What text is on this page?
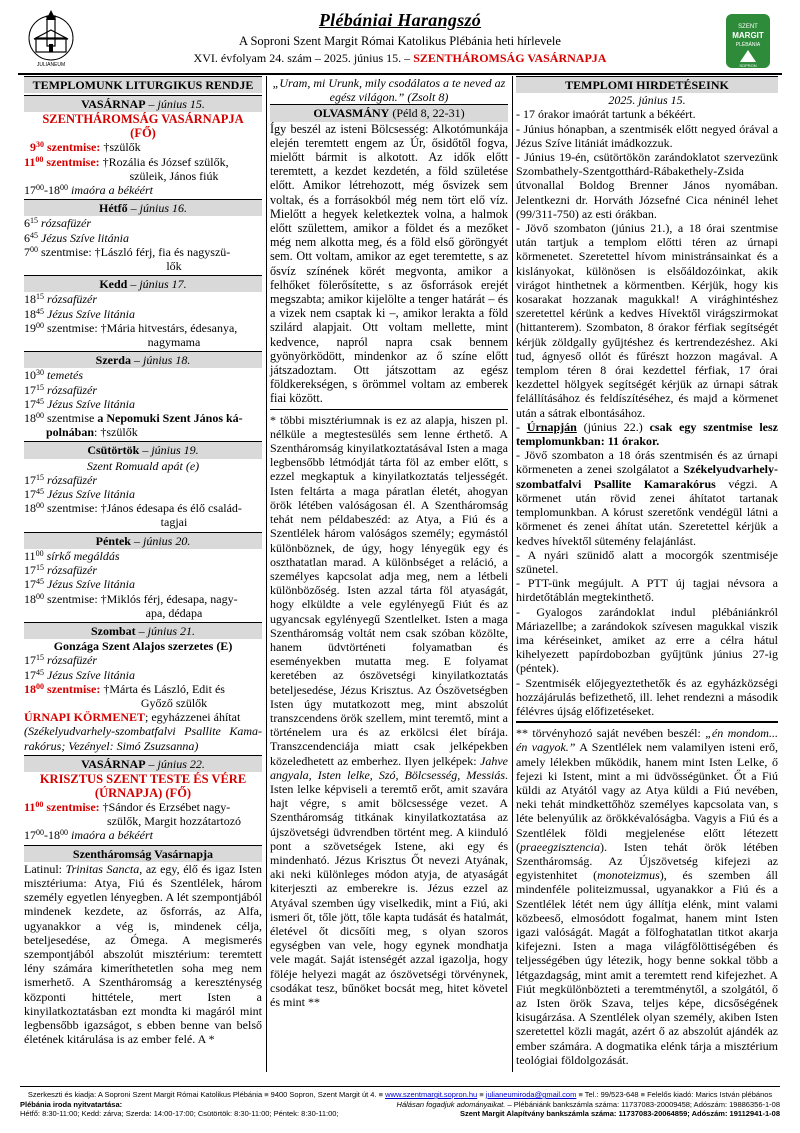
JULIANEUM
Plébániai Harangszó
A Soproni Szent Margit Római Katolikus Plébánia heti hírlevele
XVI. évfolyam 24. szám – 2025. június 15. – SZENTHÁROMSÁG VASÁRNAPJA
SZENT
MARGIT
PLÉBÁNIA
SOPRON
TEMPLOMUNK LITURGIKUS RENDJE
VASÁRNAP – június 15.
SZENTHÁROMSÁG VASÁRNAPJA
(FŐ)
$9^{30}$ szentmise: †szülők
$11^{00}$ szentmise: †Rozália és József szülők,
szüleik, János fiúk
$17^{00}-18^{00}$ imaóra a békéért
Hétfő – június 16.
$6^{15}$ rózsafüzér
$6^{45}$ Jézus Szíve litánia
$7^{00}$ szentmise: †László férj, fia és nagyszü-
lők
Kedd – június 17.
$18^{15}$ rózsafüzér
$18^{45}$ Jézus Szíve litánia
$19^{00}$ szentmise: †Mária hitvestárs, édesanya,
nagymama
Szerda – június 18.
$10^{30}$ temetés
$17^{15}$ rózsafüzér
$17^{45}$ Jézus Szíve litánia
$18^{00}$ szentmise a Nepomuki Szent János ká-
polnában: †szülők
Csütörtök – június 19.
Szent Romuald apát (e)
$17^{15}$ rózsafüzér
$17^{45}$ Jézus Szíve litánia
$18^{00}$ szentmise: †János édesapa és élő család-
tagjai
Péntek – június 20.
$11^{00}$ sírkő megáldás
$17^{15}$ rózsafüzér
$17^{45}$ Jézus Szíve litánia
$18^{00}$ szentmise: †Miklós férj, édesapa, nagy-
apa, dédapa
Szombat – június 21.
Gonzága Szent Alajos szerzetes (E)
$17^{15}$ rózsafüzér
$17^{45}$ Jézus Szíve litánia
$18^{00}$ szentmise: †Márta és László, Edit és
Győző szülők
ÚRNAPI KÖRMENET; egyházzenei áhítat
(Székelyudvarhely-szombatfalvi Psallite Kama-rakórus; Vezényel: Simó Zsuzsanna)
VASÁRNAP – június 22.
KRISZTUS SZENT TESTE ÉS VÉRE
(ÚRNAPJA) (FŐ)
$11^{00}$ szentmise: †Sándor és Erzsébet nagy-
szülők, Margit hozzátartozó
$17^{00}-18^{00}$ imaóra a békéért
Szentháromság Vasárnapja
Latinul: Trinitas Sancta, az egy, élő és igaz Isten misztériuma: Atya, Fiú és Szentlélek, három személy egyetlen lényegben. A lét szempontjából mindenek kezdete, az ősforrás, az Alfa, ugyanakkor a vég is, mindenek célja, beteljesedése, az Ómega. A megismerés szempontjából abszolút misztérium: teremtett lény számára kimeríthetetlen soha meg nem ismerhető. A Szentháromság a kereszténység központi hittétele, mert Isten a kinyilatkoztatásban ezt mondta ki magáról mint legbensőbb igazságot, s ebben benne van belső életének kitárulása is az ember felé. A *
„Uram, mi Urunk, mily csodálatos a te neved az egész világon.” (Zsolt 8)
OLVASMÁNY (Péld 8, 22-31)
Így beszél az isteni Bölcsesség: Alkotómunkája elején teremtett engem az Úr, ősidőtől fogva, mielőtt bármit is alkotott. Az idők előtt teremtett, a kezdet kezdetén, a föld születése előtt. Amikor létrehozott, még ősvizek sem voltak, és a forrásokból még nem tört elő víz. Mielőtt a hegyek keletkeztek volna, a halmok előtt születtem, amikor a földet és a mezőket még nem alkotta meg, és a föld első göröngyét sem. Ott voltam, amikor az eget teremtette, s az ősvíz színének körét megvonta, amikor a felhőket fölerősítette, s az ősforrások erejét megszabta; amikor kijelölte a tenger határát – és a vizek nem csaptak ki –, amikor lerakta a föld szilárd alapjait. Ott voltam mellette, mint kedvence, napról napra csak bennem gyönyörködött, mindenkor az ő színe előtt játszadoztam. Ott játszottam az egész földkerekségen, s örömmel voltam az emberek fiai között.
* többi misztériumnak is ez az alapja, hiszen pl. nélküle a megtestesülés sem lenne érthető. A Szentháromság kinyilatkoztatásával Isten a maga legbensőbb létmódját tárta föl az ember előtt, s ezzel megkaptuk a kinyilatkoztatás teljességét. Isten feltárta a maga páratlan életét, ahogyan örök létében valóságosan él. A Szentháromság tehát nem példabeszéd: az Atya, a Fiú és a Szentlélek három valóságos személy; egymástól különböznek, de úgy, hogy lényegük egy és oszthatatlan marad. A különbséget a reláció, a személyes kapcsolat adja meg, nem a létbeli különbözőség. Isten azzal tárta föl atyaságát, hogy elküldte a vele egylényegű Fiút és az ugyancsak egylényegű Szentlelket. Isten a maga Szentháromság voltát nem csak szóban közölte, hanem üdvtörténeti folyamatban és eseményekben mutatta meg. E folyamat keretében az ószövetségi kinyilatkoztatás beteljesedése, Jézus Krisztus. Az Ószövetségben Isten úgy mutatkozott meg, mint abszolút transzcendens örök szellem, mint teremtő, mint a történelem ura és az erkölcsi élet bírája. Transzcendenciája miatt csak jelképekben közeledhetett az emberhez. Ilyen jelképek: Jahve angyala, Isten lelke, Szó, Bölcsesség, Messiás. Isten lelke képviseli a teremtő erőt, amit szavára hajt végre, s amit bölcsessége vezet. A Szentháromság titkának kinyilatkoztatása az újszövetségi üdvrendben történt meg. A kiinduló pont a szövetségek Istene, aki egy és mindenható. Jézus Krisztus Őt nevezi Atyának, aki neki különleges módon atyja, de atyaságát kiterjeszti az emberekre is. Jézus ezzel az Atyával szemben úgy viselkedik, mint a Fiú, aki ismeri őt, tőle jött, tőle kapta tudását és hatalmát, életével őt dicsőíti meg, s olyan szoros egységben van vele, hogy egynek mondhatja vele magát. Saját istenségét azzal igazolja, hogy föléje helyezi magát az ószövetségi törvénynek, csodákat tesz, bűnöket bocsát meg, hitet követel és mint **
TEMPLOMI HIRDETÉSEINK
2025. június 15.
- 17 órakor imaórát tartunk a békéért.
- Június hónapban, a szentmisék előtt negyed órával a Jézus Szíve litániát imádkozzuk.
- Június 19-én, csütörtökön zarándoklatot szervezünk Szombathely-Szentgotthárd-Rábakethely-Zsida útvonallal Boldog Brenner János nyomában. Jelentkezni dr. Horváth Józsefné Cica néninél lehet (99/311-750) az esti órákban.
- Jövő szombaton (június 21.), a 18 órai szentmise után tartjuk a templom előtti téren az úrnapi körmenetet. Szeretettel hívom ministránsainkat és a kislányokat, különösen is elsőáldozóinkat, akik virágot hinthetnek a körmentben. Kérjük, hogy kis kosarakat hozzanak magukkal! A virághintéshez szeretettel kérünk a kedves Hívektől virágszirmokat (hittanterem). Szombaton, 8 órakor férfiak segítségét kérjük zöldgally gyűjtéshez és kertrendezéshez. Aki tud, ágnyeső ollót és fűrészt hozzon magával. A templom téren 8 órai kezdettel férfiak, 17 órai kezdettel hölgyek segítségét kérjük az úrnapi sátrak felállításához és feldíszítéséhez, és majd a körmenet után a sátrak elbontásához.
- Úrnapján (június 22.) csak egy szentmise lesz templomunkban: 11 órakor.
- Jövő szombaton a 18 órás szentmisén és az úrnapi körmeneten a zenei szolgálatot a Székelyudvarhely-szombatfalvi Psallite Kamarakórus végzi. A körmenet után rövid zenei áhítatot tartanak templomunkban. A kórust szeretőnk vendégül látni a körmenet és zenei áhítat után. Szeretettel kérjük a kedves hívektől sütemény felajánlást.
- A nyári szünidő alatt a mocorgók szentmiséje szünetel.
- PTT-ünk megújult. A PTT új tagjai névsora a hirdetőtáblán megtekinthető.
- Gyalogos zarándoklat indul plébániánkról Máriazellbe; a zarándokok szívesen magukkal viszik ima kéréseinket, amiket az erre a célra hátul kihelyezett papírdobozban gyűjtünk június 27-ig (péntek).
- Szentmisék előjegyeztethetők és az egyházközségi hozzájárulás befizethető, ill. lehet rendezni a második félévres újság előfizetéseket.
** törvényhozó saját nevében beszél: „én mondom... én vagyok.” A Szentlélek nem valamilyen isteni erő, amely lélekben működik, hanem mint Isten Lelke, ő fejezi ki Istent, mint a mi üdvösségünket. Őt a Fiú küldi az Atyától vagy az Atya küldi a Fiú nevében, neki tehát mindkettőhöz személyes kapcsolata van, s léte belenyúlik az örökkévalóságba. Vagyis a Fiú és a Szentlélek földi megjelenése előtt létezett (praeegzisztenciа). Isten tehát örök létében Szentháromság. Az Újszövetség kifejezi az egyistenhitet (monoteizmus), és szemben áll mindenféle politeizmussal, ugyanakkor a Fiú és a Szentlélek létét nem úgy állítja elénk, mint valami közbeeső, elmosódott fogalmat, hanem mint Isten igazi valóságát. Magát a fölfoghatatlan titkot akarja kifejezni. Isten a maga világfölöttiségében és teljességében úgy létezik, hogy benne sokkal több a létgazdagság, mint amit a teremtett rend kifejezhet. A Fiút megkülönbözteti a teremtménytől, a szolgától, ő az Isten örök Szava, teljes képe, dicsőségének kisugárzása. A Szentlélek olyan személy, akiben Isten szeretettel közli magát, azért ő az abszolút ajándék az ember számára. A dogmatika elénk tárja a misztérium teológiai földolgozását.
Szerkeszti és kiadja: A Soproni Szent Margit Római Katolikus Plébánia ≡ 9400 Sopron, Szent Margit út 4. ≡ www.szentmargit.sopron.hu ≡ julianeumiroda@gmail.com ≡ Tel.: 99/523-648 ≡ Felelős kiadó: Marics István plébános
Plébánia iroda nyitvatartása:	Hálásan fogadjuk adományaikat. – Plébániánk bankszámla száma: 11737083-20009458; Adószám: 19886356-1-08
Hétfő: 8:30-11:00; Kedd: zárva; Szerda: 14:00-17:00; Csütörtök: 8:30-11:00; Péntek: 8:30-11:00;	Szent Margit Alapítvány bankszámla száma: 11737083-20064859; Adószám: 19112941-1-08
